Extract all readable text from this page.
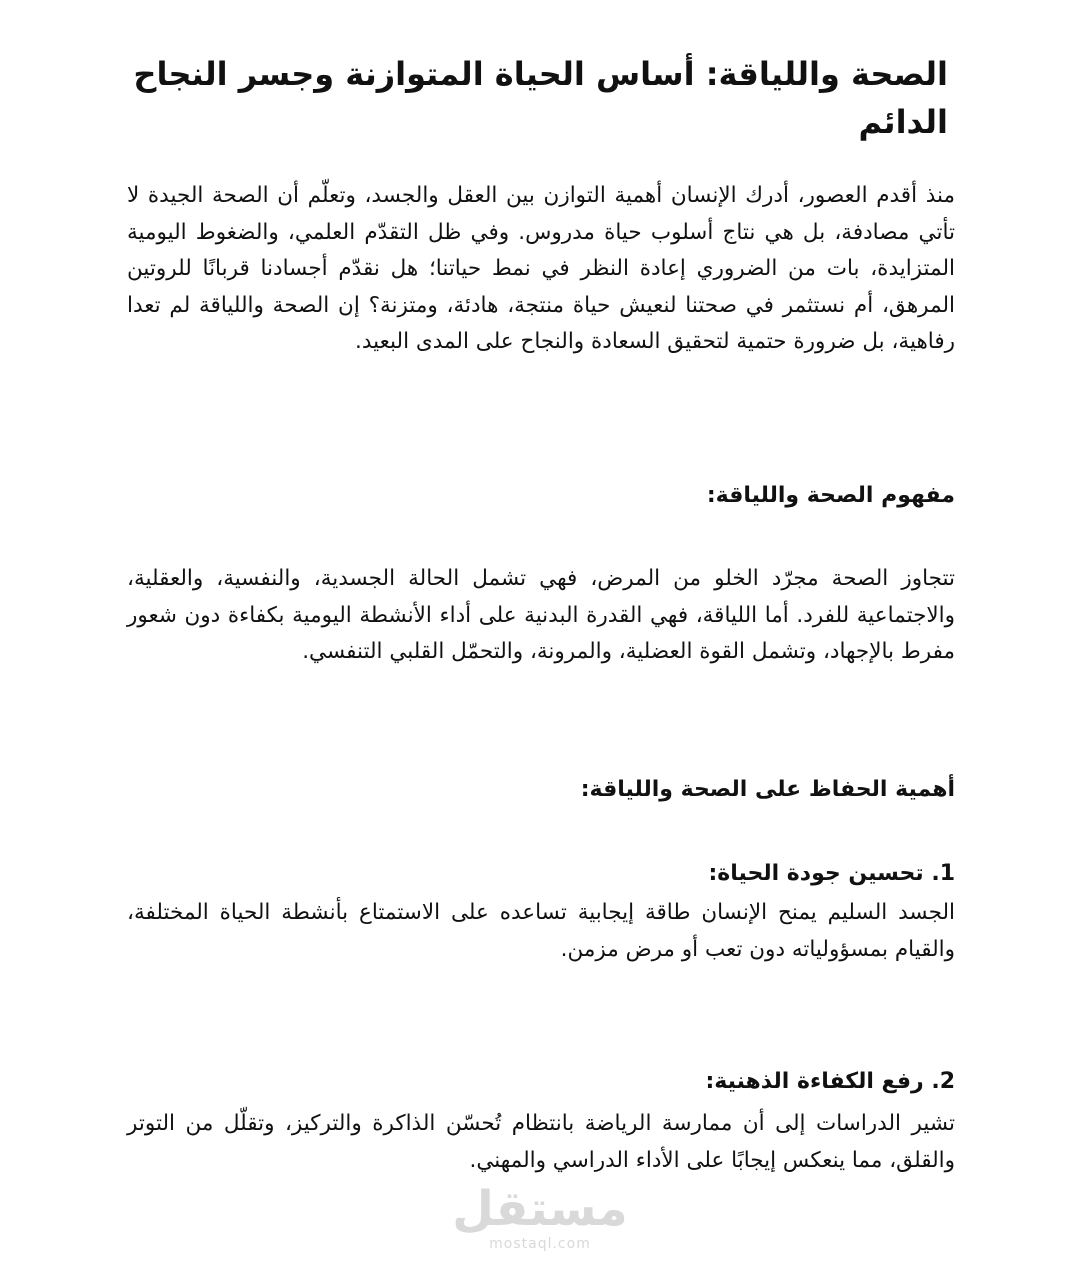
الصحة واللياقة: أساس الحياة المتوازنة وجسر النجاح الدائم

منذ أقدم العصور، أدرك الإنسان أهمية التوازن بين العقل والجسد، وتعلّم أن الصحة الجيدة لا تأتي مصادفة، بل هي نتاج أسلوب حياة مدروس. وفي ظل التقدّم العلمي، والضغوط اليومية المتزايدة، بات من الضروري إعادة النظر في نمط حياتنا؛ هل نقدّم أجسادنا قربانًا للروتين المرهق، أم نستثمر في صحتنا لنعيش حياة منتجة، هادئة، ومتزنة؟ إن الصحة واللياقة لم تعدا رفاهية، بل ضرورة حتمية لتحقيق السعادة والنجاح على المدى البعيد.

مفهوم الصحة واللياقة:

تتجاوز الصحة مجرّد الخلو من المرض، فهي تشمل الحالة الجسدية، والنفسية، والعقلية، والاجتماعية للفرد. أما اللياقة، فهي القدرة البدنية على أداء الأنشطة اليومية بكفاءة دون شعور مفرط بالإجهاد، وتشمل القوة العضلية، والمرونة، والتحمّل القلبي التنفسي.

أهمية الحفاظ على الصحة واللياقة:
1. تحسين جودة الحياة:

الجسد السليم يمنح الإنسان طاقة إيجابية تساعده على الاستمتاع بأنشطة الحياة المختلفة، والقيام بمسؤولياته دون تعب أو مرض مزمن.

2. رفع الكفاءة الذهنية:

تشير الدراسات إلى أن ممارسة الرياضة بانتظام تُحسّن الذاكرة والتركيز، وتقلّل من التوتر والقلق، مما ينعكس إيجابًا على الأداء الدراسي والمهني.

مستقل
mostaql.com
